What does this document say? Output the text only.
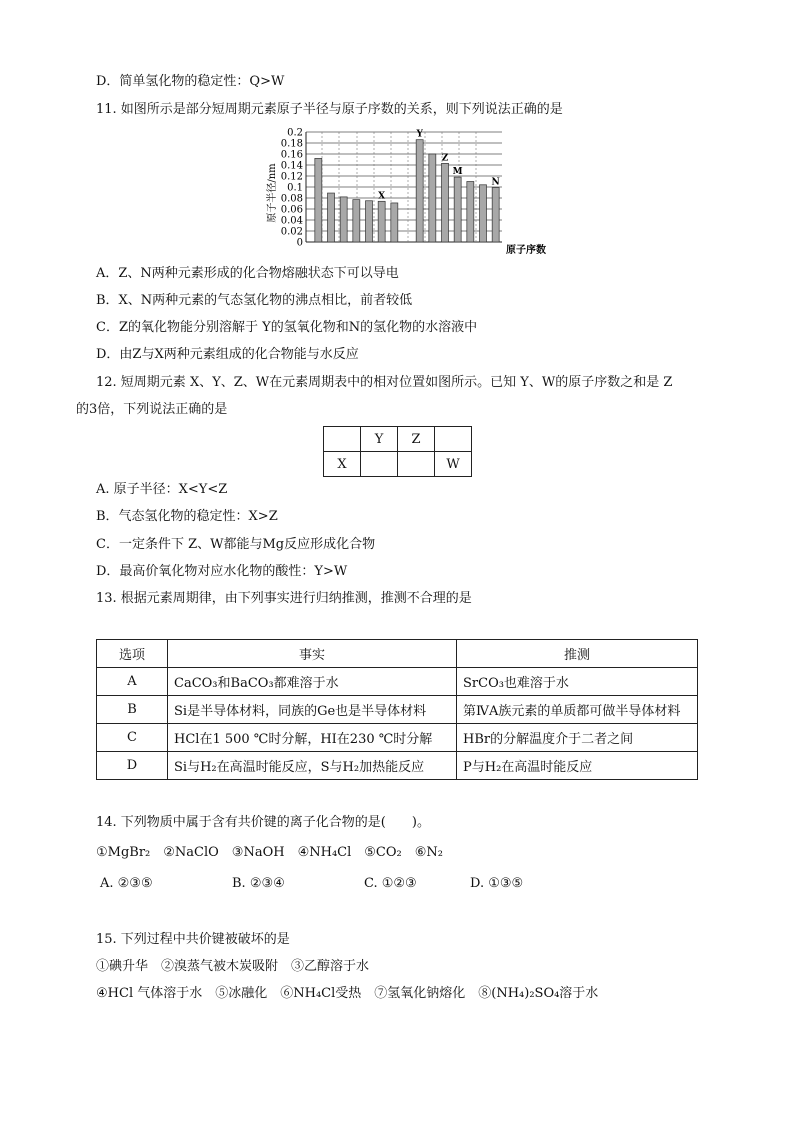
D．简单氢化物的稳定性：Q>W
11. 如图所示是部分短周期元素原子半径与原子序数的关系，则下列说法正确的是
0
0.02
0.04
0.06
0.08
0.1
0.12
0.14
0.16
0.18
0.2
X
Y
Z
M
N
原子半径/nm
原子序数
A．Z、N两种元素形成的化合物熔融状态下可以导电
B．X、N两种元素的气态氢化物的沸点相比，前者较低
C．Z的氧化物能分别溶解于 Y的氢氧化物和N的氢化物的水溶液中
D．由Z与X两种元素组成的化合物能与水反应
12. 短周期元素 X、Y、Z、W在元素周期表中的相对位置如图所示。已知 Y、W的原子序数之和是 Z
的3倍，下列说法正确的是
	Y	Z	
X			W
A. 原子半径：X<Y<Z
B．气态氢化物的稳定性：X>Z
C．一定条件下 Z、W都能与Mg反应形成化合物
D．最高价氧化物对应水化物的酸性：Y>W
13. 根据元素周期律，由下列事实进行归纳推测，推测不合理的是
选项	事实	推测
A	CaCO₃和BaCO₃都难溶于水	SrCO₃也难溶于水
B	Si是半导体材料，同族的Ge也是半导体材料	第ⅣA族元素的单质都可做半导体材料
C	HCl在1 500 ℃时分解，HI在230 ℃时分解	HBr的分解温度介于二者之间
D	Si与H₂在高温时能反应，S与H₂加热能反应	P与H₂在高温时能反应
14. 下列物质中属于含有共价键的离子化合物的是(　　)。
①MgBr₂　②NaClO　③NaOH　④NH₄Cl　⑤CO₂　⑥N₂
A. ②③⑤	B. ②③④	C. ①②③	D. ①③⑤
15. 下列过程中共价键被破坏的是
①碘升华　②溴蒸气被木炭吸附　③乙醇溶于水
④HCl 气体溶于水　⑤冰融化　⑥NH₄Cl受热　⑦氢氧化钠熔化　⑧(NH₄)₂SO₄溶于水
